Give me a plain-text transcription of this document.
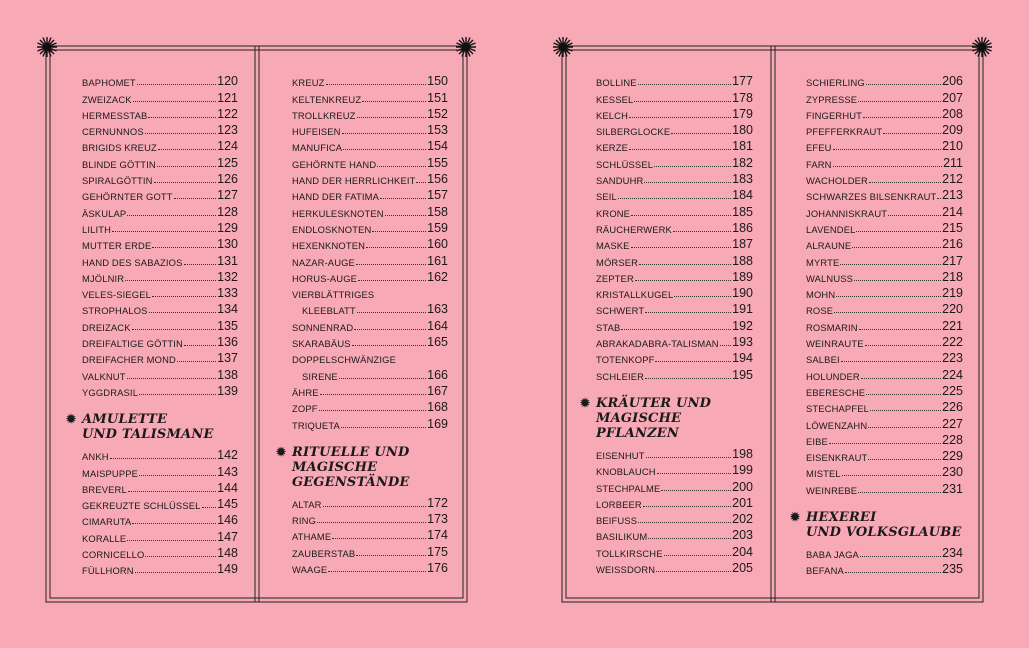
BAPHOMET	120
ZWEIZACK	121
HERMESSTAB	122
CERNUNNOS	123
BRIGIDS KREUZ	124
BLINDE GÖTTIN	125
SPIRALGÖTTIN	126
GEHÖRNTER GOTT	127
ÄSKULAP	128
LILITH	129
MUTTER ERDE	130
HAND DES SABAZIOS	131
MJÖLNIR	132
VELES-SIEGEL	133
STROPHALOS	134
DREIZACK	135
DREIFALTIGE GÖTTIN	136
DREIFACHER MOND	137
VALKNUT	138
YGGDRASIL	139
✹ AMULETTE
UND TALISMANE
ANKH	142
MAISPUPPE	143
BREVERL	144
GEKREUZTE SCHLÜSSEL 145
CIMARUTA	146
KORALLE	147
CORNICELLO	148
FÜLLHORN	149
KREUZ	150
KELTENKREUZ	151
TROLLKREUZ	152
HUFEISEN	153
MANUFICA	154
GEHÖRNTE HAND	155
HAND DER HERRLICHKEIT 156
HAND DER FATIMA	157
HERKULESKNOTEN	158
ENDLOSKNOTEN	159
HEXENKNOTEN	160
NAZAR-AUGE	161
HORUS-AUGE	162
VIERBLÄTTRIGES
KLEEBLATT	163
SONNENRAD	164
SKARABÄUS	165
DOPPELSCHWÄNZIGE
SIRENE	166
ÄHRE	167
ZOPF	168
TRIQUETA	169
✹ RITUELLE UND
MAGISCHE
GEGENSTÄNDE
ALTAR	172
RING	173
ATHAME	174
ZAUBERSTAB	175
WAAGE	176
BOLLINE	177
KESSEL	178
KELCH	179
SILBERGLOCKE	180
KERZE	181
SCHLÜSSEL	182
SANDUHR	183
SEIL	184
KRONE	185
RÄUCHERWERK	186
MASKE	187
MÖRSER	188
ZEPTER	189
KRISTALLKUGEL	190
SCHWERT	191
STAB	192
ABRAKADABRA-TALISMAN 193
TOTENKOPF	194
SCHLEIER	195
✹ KRÄUTER UND
MAGISCHE
PFLANZEN
EISENHUT	198
KNOBLAUCH	199
STECHPALME	200
LORBEER	201
BEIFUSS	202
BASILIKUM	203
TOLLKIRSCHE	204
WEISSDORN	205
SCHIERLING	206
ZYPRESSE	207
FINGERHUT	208
PFEFFERKRAUT	209
EFEU	210
FARN	211
WACHOLDER	212
SCHWARZES BILSENKRAUT 213
JOHANNISKRAUT	214
LAVENDEL	215
ALRAUNE	216
MYRTE	217
WALNUSS	218
MOHN	219
ROSE	220
ROSMARIN	221
WEINRAUTE	222
SALBEI	223
HOLUNDER	224
EBERESCHE	225
STECHAPFEL	226
LÖWENZAHN	227
EIBE	228
EISENKRAUT	229
MISTEL	230
WEINREBE	231
✹ HEXEREI
UND VOLKSGLAUBE
BABA JAGA	234
BEFANA	235
